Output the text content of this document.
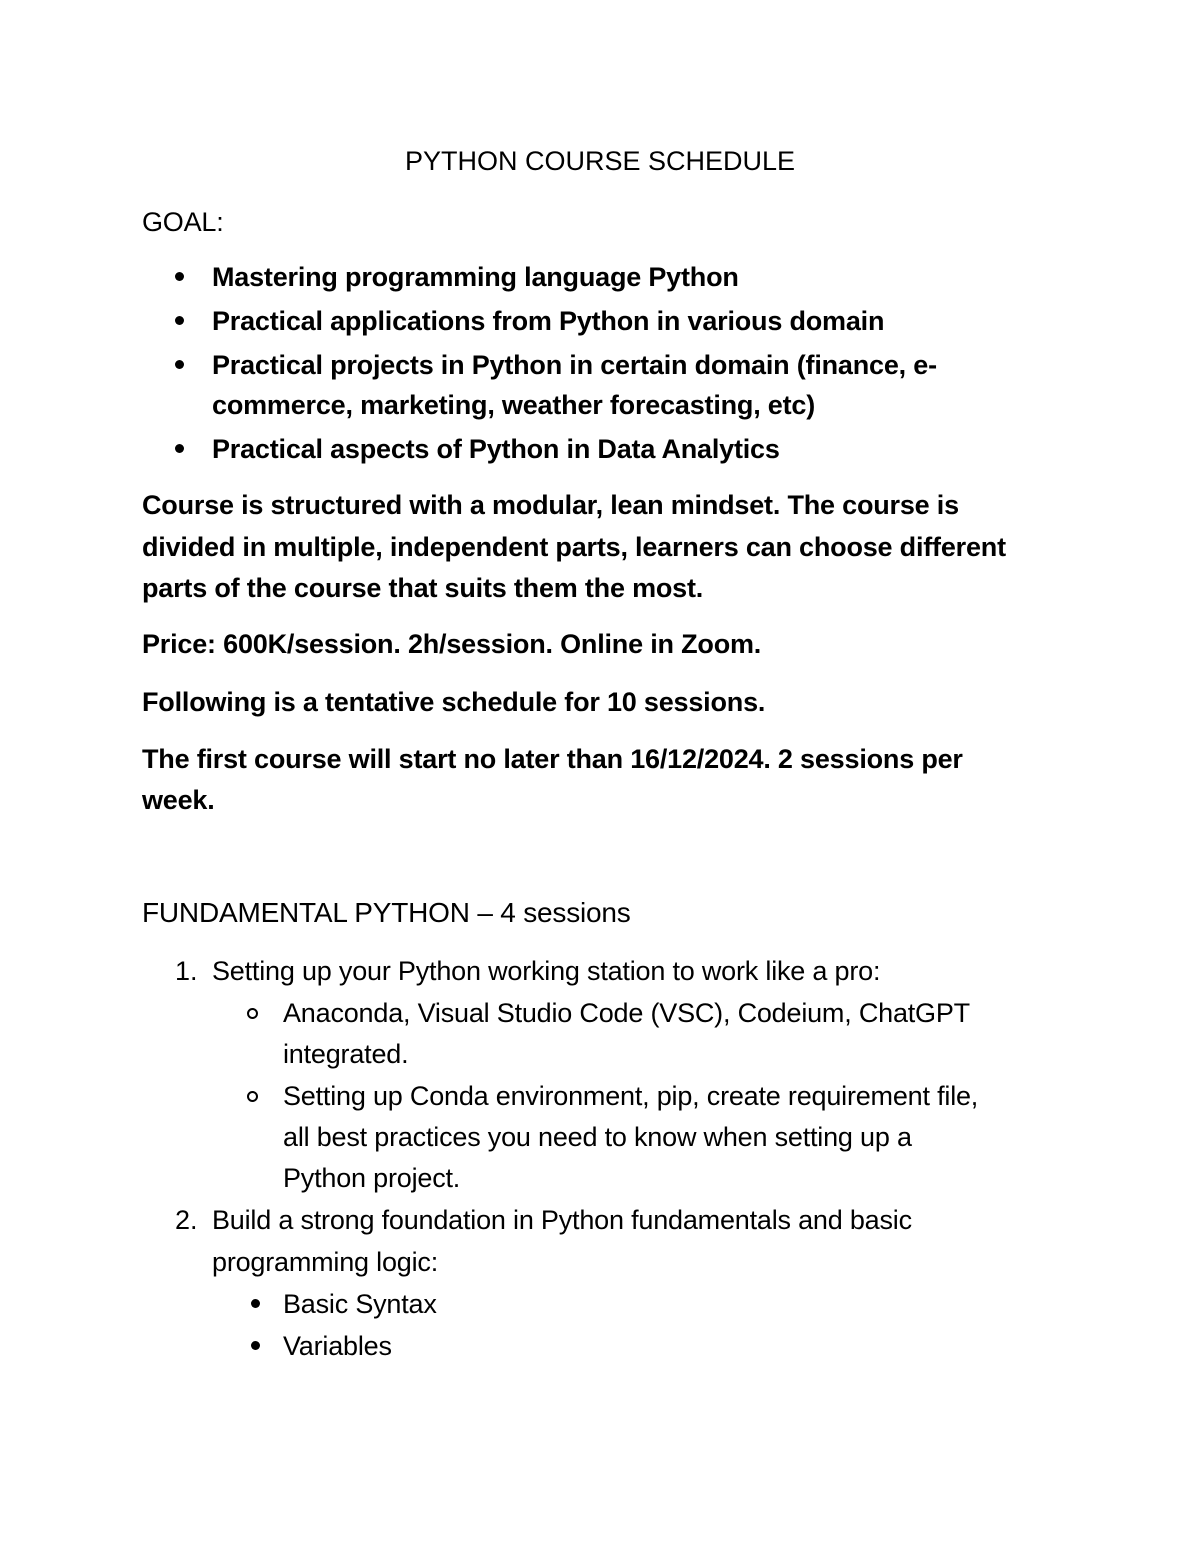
PYTHON COURSE SCHEDULE
GOAL:
Mastering programming language Python
Practical applications from Python in various domain
Practical projects in Python in certain domain (finance, e-
commerce, marketing, weather forecasting, etc)
Practical aspects of Python in Data Analytics
Course is structured with a modular, lean mindset. The course is
divided in multiple, independent parts, learners can choose different
parts of the course that suits them the most.
Price: 600K/session. 2h/session. Online in Zoom.
Following is a tentative schedule for 10 sessions.
The first course will start no later than 16/12/2024. 2 sessions per
week.
FUNDAMENTAL PYTHON – 4 sessions
1. Setting up your Python working station to work like a pro:
Anaconda, Visual Studio Code (VSC), Codeium, ChatGPT
integrated.
Setting up Conda environment, pip, create requirement file,
all best practices you need to know when setting up a
Python project.
2. Build a strong foundation in Python fundamentals and basic
programming logic:
Basic Syntax
Variables
